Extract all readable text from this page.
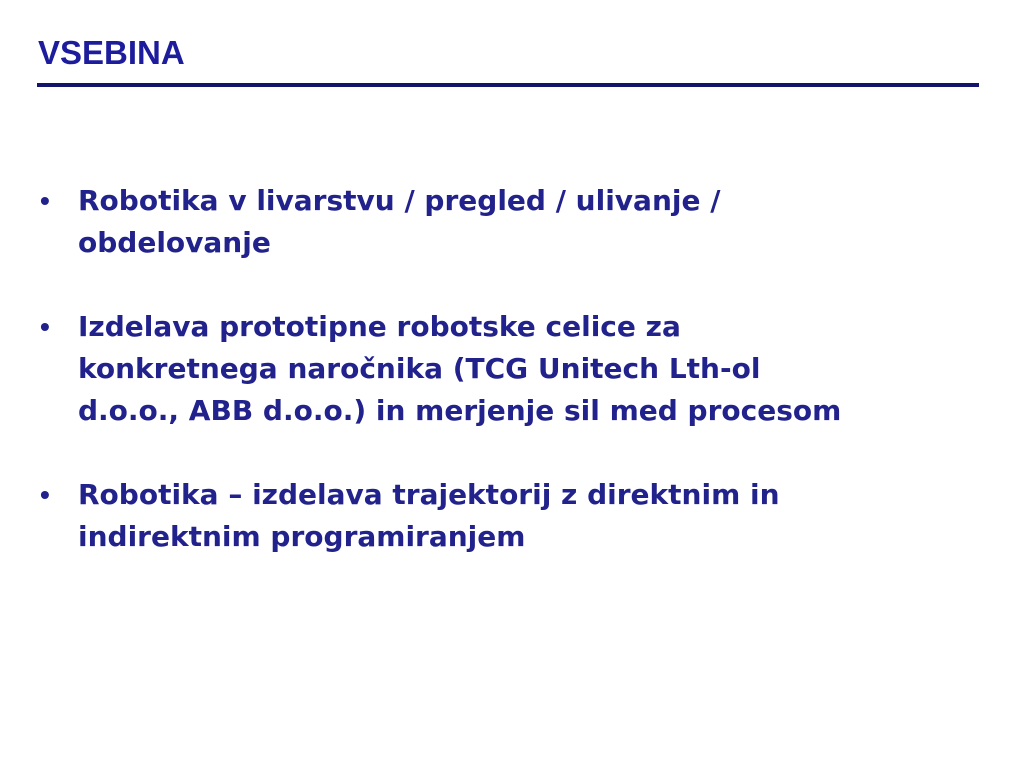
VSEBINA
• Robotika v livarstvu / pregled / ulivanje /
obdelovanje
• Izdelava prototipne robotske celice za
konkretnega naročnika (TCG Unitech Lth-ol
d.o.o., ABB d.o.o.) in merjenje sil med procesom
• Robotika – izdelava trajektorij z direktnim in
indirektnim programiranjem
